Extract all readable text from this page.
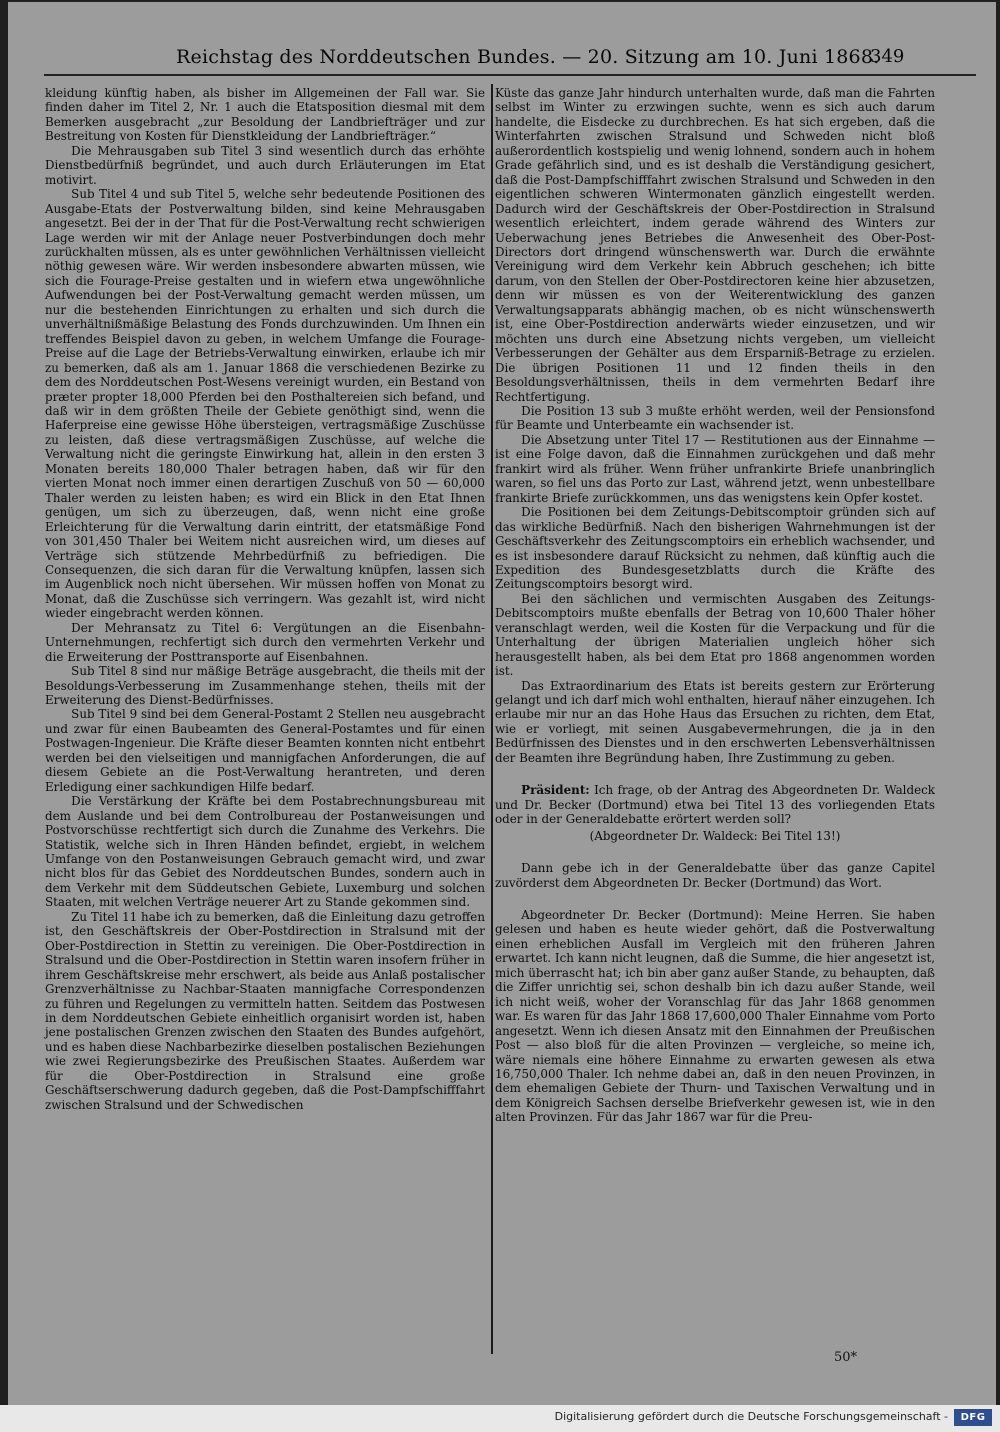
Reichstag des Norddeutschen Bundes. — 20. Sitzung am 10. Juni 1868.
349

kleidung künftig haben, als bisher im Allgemeinen der Fall war. Sie finden daher im Titel 2, Nr. 1 auch die Etatsposition diesmal mit dem Bemerken ausgebracht „zur Besoldung der Landbriefträger und zur Bestreitung von Kosten für Dienstkleidung der Landbriefträger.“

Die Mehrausgaben sub Titel 3 sind wesentlich durch das erhöhte Dienstbedürfniß begründet, und auch durch Erläuterungen im Etat motivirt.

Sub Titel 4 und sub Titel 5, welche sehr bedeutende Positionen des Ausgabe-Etats der Postverwaltung bilden, sind keine Mehrausgaben angesetzt. Bei der in der That für die Post-Verwaltung recht schwierigen Lage werden wir mit der Anlage neuer Postverbindungen doch mehr zurückhalten müssen, als es unter gewöhnlichen Verhältnissen vielleicht nöthig gewesen wäre. Wir werden insbesondere abwarten müssen, wie sich die Fourage-Preise gestalten und in wiefern etwa ungewöhnliche Aufwendungen bei der Post-Verwaltung gemacht werden müssen, um nur die bestehenden Einrichtungen zu erhalten und sich durch die unverhältnißmäßige Belastung des Fonds durchzuwinden. Um Ihnen ein treffendes Beispiel davon zu geben, in welchem Umfange die Fourage-Preise auf die Lage der Betriebs-Verwaltung einwirken, erlaube ich mir zu bemerken, daß als am 1. Januar 1868 die verschiedenen Bezirke zu dem des Norddeutschen Post-Wesens vereinigt wurden, ein Bestand von præter propter 18,000 Pferden bei den Posthaltereien sich befand, und daß wir in dem größten Theile der Gebiete genöthigt sind, wenn die Haferpreise eine gewisse Höhe übersteigen, vertragsmäßige Zuschüsse zu leisten, daß diese vertragsmäßigen Zuschüsse, auf welche die Verwaltung nicht die geringste Einwirkung hat, allein in den ersten 3 Monaten bereits 180,000 Thaler betragen haben, daß wir für den vierten Monat noch immer einen derartigen Zuschuß von 50 — 60,000 Thaler werden zu leisten haben; es wird ein Blick in den Etat Ihnen genügen, um sich zu überzeugen, daß, wenn nicht eine große Erleichterung für die Verwaltung darin eintritt, der etatsmäßige Fond von 301,450 Thaler bei Weitem nicht ausreichen wird, um dieses auf Verträge sich stützende Mehrbedürfniß zu befriedigen. Die Consequenzen, die sich daran für die Verwaltung knüpfen, lassen sich im Augenblick noch nicht übersehen. Wir müssen hoffen von Monat zu Monat, daß die Zuschüsse sich verringern. Was gezahlt ist, wird nicht wieder eingebracht werden können.

Der Mehransatz zu Titel 6: Vergütungen an die Eisenbahn-Unternehmungen, rechfertigt sich durch den vermehrten Verkehr und die Erweiterung der Posttransporte auf Eisenbahnen.

Sub Titel 8 sind nur mäßige Beträge ausgebracht, die theils mit der Besoldungs-Verbesserung im Zusammenhange stehen, theils mit der Erweiterung des Dienst-Bedürfnisses.

Sub Titel 9 sind bei dem General-Postamt 2 Stellen neu ausgebracht und zwar für einen Baubeamten des General-Postamtes und für einen Postwagen-Ingenieur. Die Kräfte dieser Beamten konnten nicht entbehrt werden bei den vielseitigen und mannigfachen Anforderungen, die auf diesem Gebiete an die Post-Verwaltung herantreten, und deren Erledigung einer sachkundigen Hilfe bedarf.

Die Verstärkung der Kräfte bei dem Postabrechnungsbureau mit dem Auslande und bei dem Controlbureau der Postanweisungen und Postvorschüsse rechtfertigt sich durch die Zunahme des Verkehrs. Die Statistik, welche sich in Ihren Händen befindet, ergiebt, in welchem Umfange von den Postanweisungen Gebrauch gemacht wird, und zwar nicht blos für das Gebiet des Norddeutschen Bundes, sondern auch in dem Verkehr mit dem Süddeutschen Gebiete, Luxemburg und solchen Staaten, mit welchen Verträge neuerer Art zu Stande gekommen sind.

Zu Titel 11 habe ich zu bemerken, daß die Einleitung dazu getroffen ist, den Geschäftskreis der Ober-Postdirection in Stralsund mit der Ober-Postdirection in Stettin zu vereinigen. Die Ober-Postdirection in Stralsund und die Ober-Postdirection in Stettin waren insofern früher in ihrem Geschäftskreise mehr erschwert, als beide aus Anlaß postalischer Grenzverhältnisse zu Nachbar-Staaten mannigfache Correspondenzen zu führen und Regelungen zu vermitteln hatten. Seitdem das Postwesen in dem Norddeutschen Gebiete einheitlich organisirt worden ist, haben jene postalischen Grenzen zwischen den Staaten des Bundes aufgehört, und es haben diese Nachbarbezirke dieselben postalischen Beziehungen wie zwei Regierungsbezirke des Preußischen Staates. Außerdem war für die Ober-Postdirection in Stralsund eine große Geschäftserschwerung dadurch gegeben, daß die Post-Dampfschifffahrt zwischen Stralsund und der Schwedischen

Küste das ganze Jahr hindurch unterhalten wurde, daß man die Fahrten selbst im Winter zu erzwingen suchte, wenn es sich auch darum handelte, die Eisdecke zu durchbrechen. Es hat sich ergeben, daß die Winterfahrten zwischen Stralsund und Schweden nicht bloß außerordentlich kostspielig und wenig lohnend, sondern auch in hohem Grade gefährlich sind, und es ist deshalb die Verständigung gesichert, daß die Post-Dampfschifffahrt zwischen Stralsund und Schweden in den eigentlichen schweren Wintermonaten gänzlich eingestellt werden. Dadurch wird der Geschäftskreis der Ober-Postdirection in Stralsund wesentlich erleichtert, indem gerade während des Winters zur Ueberwachung jenes Betriebes die Anwesenheit des Ober-Post-Directors dort dringend wünschenswerth war. Durch die erwähnte Vereinigung wird dem Verkehr kein Abbruch geschehen; ich bitte darum, von den Stellen der Ober-Postdirectoren keine hier abzusetzen, denn wir müssen es von der Weiterentwicklung des ganzen Verwaltungsapparats abhängig machen, ob es nicht wünschenswerth ist, eine Ober-Postdirection anderwärts wieder einzusetzen, und wir möchten uns durch eine Absetzung nichts vergeben, um vielleicht Verbesserungen der Gehälter aus dem Ersparniß-Betrage zu erzielen. Die übrigen Positionen 11 und 12 finden theils in den Besoldungsverhältnissen, theils in dem vermehrten Bedarf ihre Rechtfertigung.

Die Position 13 sub 3 mußte erhöht werden, weil der Pensionsfond für Beamte und Unterbeamte ein wachsender ist.

Die Absetzung unter Titel 17 — Restitutionen aus der Einnahme — ist eine Folge davon, daß die Einnahmen zurückgehen und daß mehr frankirt wird als früher. Wenn früher unfrankirte Briefe unanbringlich waren, so fiel uns das Porto zur Last, während jetzt, wenn unbestellbare frankirte Briefe zurückkommen, uns das wenigstens kein Opfer kostet.

Die Positionen bei dem Zeitungs-Debitscomptoir gründen sich auf das wirkliche Bedürfniß. Nach den bisherigen Wahrnehmungen ist der Geschäftsverkehr des Zeitungscomptoirs ein erheblich wachsender, und es ist insbesondere darauf Rücksicht zu nehmen, daß künftig auch die Expedition des Bundesgesetzblatts durch die Kräfte des Zeitungscomptoirs besorgt wird.

Bei den sächlichen und vermischten Ausgaben des Zeitungs-Debitscomptoirs mußte ebenfalls der Betrag von 10,600 Thaler höher veranschlagt werden, weil die Kosten für die Verpackung und für die Unterhaltung der übrigen Materialien ungleich höher sich herausgestellt haben, als bei dem Etat pro 1868 angenommen worden ist.

Das Extraordinarium des Etats ist bereits gestern zur Erörterung gelangt und ich darf mich wohl enthalten, hierauf näher einzugehen. Ich erlaube mir nur an das Hohe Haus das Ersuchen zu richten, dem Etat, wie er vorliegt, mit seinen Ausgabevermehrungen, die ja in den Bedürfnissen des Dienstes und in den erschwerten Lebensverhältnissen der Beamten ihre Begründung haben, Ihre Zustimmung zu geben.

Präsident: Ich frage, ob der Antrag des Abgeordneten Dr. Waldeck und Dr. Becker (Dortmund) etwa bei Titel 13 des vorliegenden Etats oder in der Generaldebatte erörtert werden soll?

(Abgeordneter Dr. Waldeck: Bei Titel 13!)

Dann gebe ich in der Generaldebatte über das ganze Capitel zuvörderst dem Abgeordneten Dr. Becker (Dortmund) das Wort.

Abgeordneter Dr. Becker (Dortmund): Meine Herren. Sie haben gelesen und haben es heute wieder gehört, daß die Postverwaltung einen erheblichen Ausfall im Vergleich mit den früheren Jahren erwartet. Ich kann nicht leugnen, daß die Summe, die hier angesetzt ist, mich überrascht hat; ich bin aber ganz außer Stande, zu behaupten, daß die Ziffer unrichtig sei, schon deshalb bin ich dazu außer Stande, weil ich nicht weiß, woher der Voranschlag für das Jahr 1868 genommen war. Es waren für das Jahr 1868 17,600,000 Thaler Einnahme vom Porto angesetzt. Wenn ich diesen Ansatz mit den Einnahmen der Preußischen Post — also bloß für die alten Provinzen — vergleiche, so meine ich, wäre niemals eine höhere Einnahme zu erwarten gewesen als etwa 16,750,000 Thaler. Ich nehme dabei an, daß in den neuen Provinzen, in dem ehemaligen Gebiete der Thurn- und Taxischen Verwaltung und in dem Königreich Sachsen derselbe Briefverkehr gewesen ist, wie in den alten Provinzen. Für das Jahr 1867 war für die Preu-

50*
Digitalisierung gefördert durch die Deutsche Forschungsgemeinschaft -	DFG
